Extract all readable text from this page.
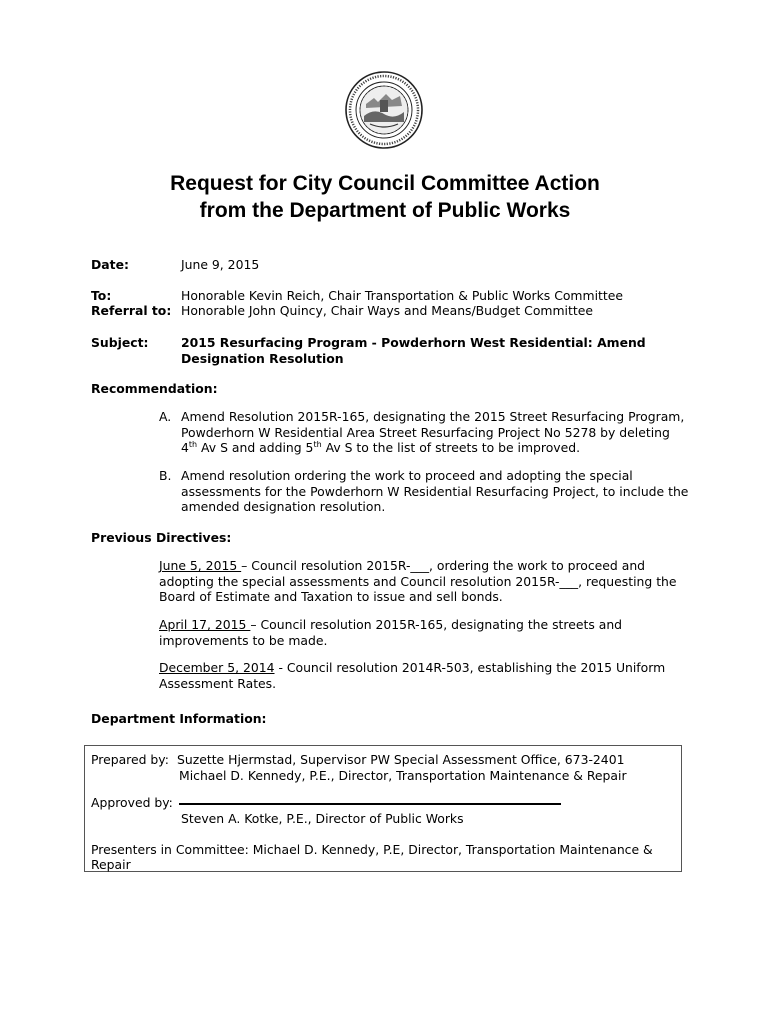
Request for City Council Committee Action
from the Department of Public Works
Date:	June 9, 2015
To:	Honorable Kevin Reich, Chair Transportation & Public Works Committee
Referral to: Honorable John Quincy, Chair Ways and Means/Budget Committee
Subject:	2015 Resurfacing Program - Powderhorn West Residential: Amend Designation Resolution
Recommendation:
A. Amend Resolution 2015R-165, designating the 2015 Street Resurfacing Program, Powderhorn W Residential Area Street Resurfacing Project No 5278 by deleting 4th Av S and adding 5th Av S to the list of streets to be improved.
B. Amend resolution ordering the work to proceed and adopting the special assessments for the Powderhorn W Residential Resurfacing Project, to include the amended designation resolution.
Previous Directives:
June 5, 2015 – Council resolution 2015R-___, ordering the work to proceed and adopting the special assessments and Council resolution 2015R-___, requesting the Board of Estimate and Taxation to issue and sell bonds.
April 17, 2015 – Council resolution 2015R-165, designating the streets and improvements to be made.
December 5, 2014 - Council resolution 2014R-503, establishing the 2015 Uniform Assessment Rates.
Department Information:
Prepared by: Suzette Hjermstad, Supervisor PW Special Assessment Office, 673-2401
Michael D. Kennedy, P.E., Director, Transportation Maintenance & Repair
Approved by:
Steven A. Kotke, P.E., Director of Public Works
Presenters in Committee: Michael D. Kennedy, P.E, Director, Transportation Maintenance &
Repair
